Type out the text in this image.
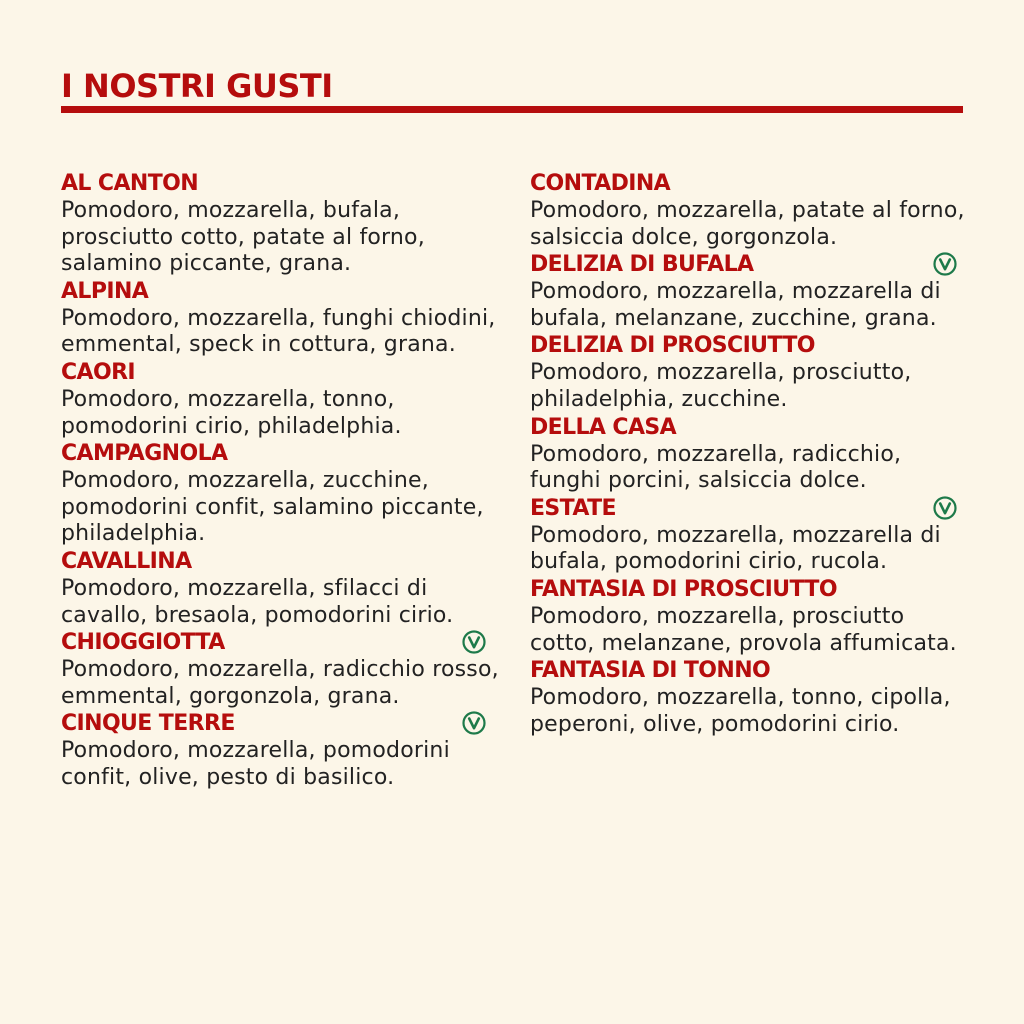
I NOSTRI GUSTI
AL CANTON
Pomodoro, mozzarella, bufala, prosciutto cotto, patate al forno, salamino piccante, grana.
ALPINA
Pomodoro, mozzarella, funghi chiodini, emmental, speck in cottura, grana.
CAORI
Pomodoro, mozzarella, tonno, pomodorini cirio, philadelphia.
CAMPAGNOLA
Pomodoro, mozzarella, zucchine, pomodorini confit, salamino piccante, philadelphia.
CAVALLINA
Pomodoro, mozzarella, sfilacci di cavallo, bresaola, pomodorini cirio.
CHIOGGIOTTA
Pomodoro, mozzarella, radicchio rosso, emmental, gorgonzola, grana.
CINQUE TERRE
Pomodoro, mozzarella, pomodorini confit, olive, pesto di basilico.
CONTADINA
Pomodoro, mozzarella, patate al forno, salsiccia dolce, gorgonzola.
DELIZIA DI BUFALA
Pomodoro, mozzarella, mozzarella di bufala, melanzane, zucchine, grana.
DELIZIA DI PROSCIUTTO
Pomodoro, mozzarella, prosciutto, philadelphia, zucchine.
DELLA CASA
Pomodoro, mozzarella, radicchio, funghi porcini, salsiccia dolce.
ESTATE
Pomodoro, mozzarella, mozzarella di bufala, pomodorini cirio, rucola.
FANTASIA DI PROSCIUTTO
Pomodoro, mozzarella, prosciutto cotto, melanzane, provola affumicata.
FANTASIA DI TONNO
Pomodoro, mozzarella, tonno, cipolla, peperoni, olive, pomodorini cirio.
